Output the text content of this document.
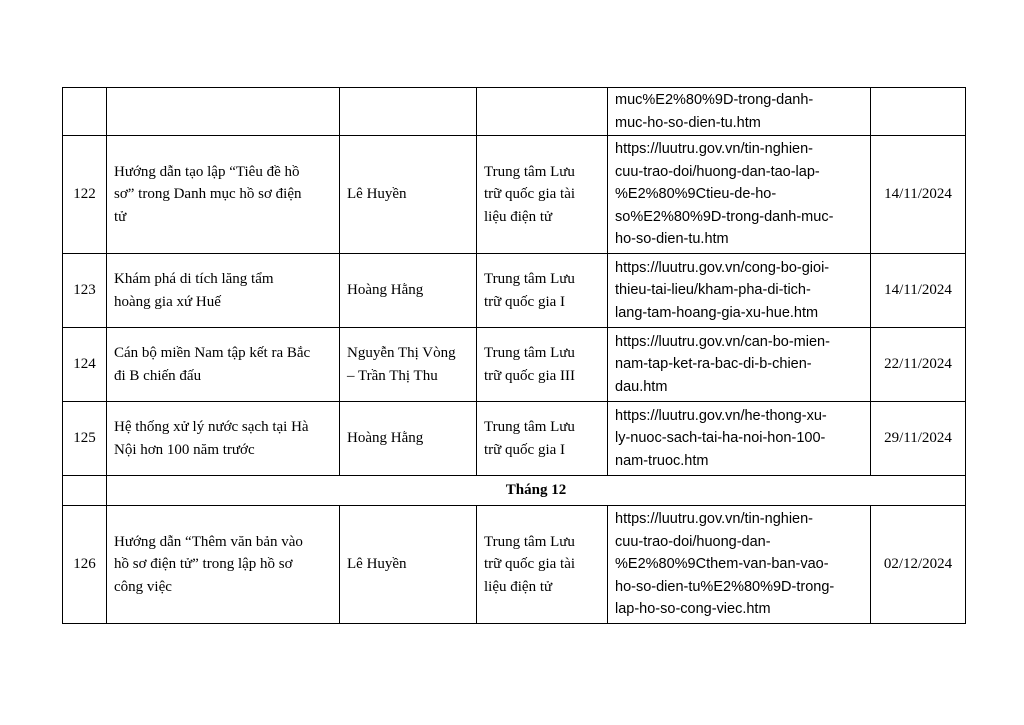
				muc%E2%80%9D-trong-danh-
muc-ho-so-dien-tu.htm	

122	Hướng dẫn tạo lập “Tiêu đề hồ
sơ” trong Danh mục hồ sơ điện
tử	Lê Huyền	Trung tâm Lưu
trữ quốc gia tài
liệu điện tử	https://luutru.gov.vn/tin-nghien-
cuu-trao-doi/huong-dan-tao-lap-
%E2%80%9Ctieu-de-ho-
so%E2%80%9D-trong-danh-muc-
ho-so-dien-tu.htm	14/11/2024
123	Khám phá di tích lăng tẩm
hoàng gia xứ Huế	Hoàng Hằng	Trung tâm Lưu
trữ quốc gia I	https://luutru.gov.vn/cong-bo-gioi-
thieu-tai-lieu/kham-pha-di-tich-
lang-tam-hoang-gia-xu-hue.htm	14/11/2024
124	Cán bộ miền Nam tập kết ra Bắc
đi B chiến đấu	Nguyễn Thị Vòng
– Trần Thị Thu	Trung tâm Lưu
trữ quốc gia III	https://luutru.gov.vn/can-bo-mien-
nam-tap-ket-ra-bac-di-b-chien-
dau.htm	22/11/2024
125	Hệ thống xử lý nước sạch tại Hà
Nội hơn 100 năm trước	Hoàng Hằng	Trung tâm Lưu
trữ quốc gia I	https://luutru.gov.vn/he-thong-xu-
ly-nuoc-sach-tai-ha-noi-hon-100-
nam-truoc.htm	29/11/2024
	Tháng 12				
126	Hướng dẫn “Thêm văn bản vào
hồ sơ điện tử” trong lập hồ sơ
công việc	Lê Huyền	Trung tâm Lưu
trữ quốc gia tài
liệu điện tử	https://luutru.gov.vn/tin-nghien-
cuu-trao-doi/huong-dan-
%E2%80%9Cthem-van-ban-vao-
ho-so-dien-tu%E2%80%9D-trong-
lap-ho-so-cong-viec.htm	02/12/2024
